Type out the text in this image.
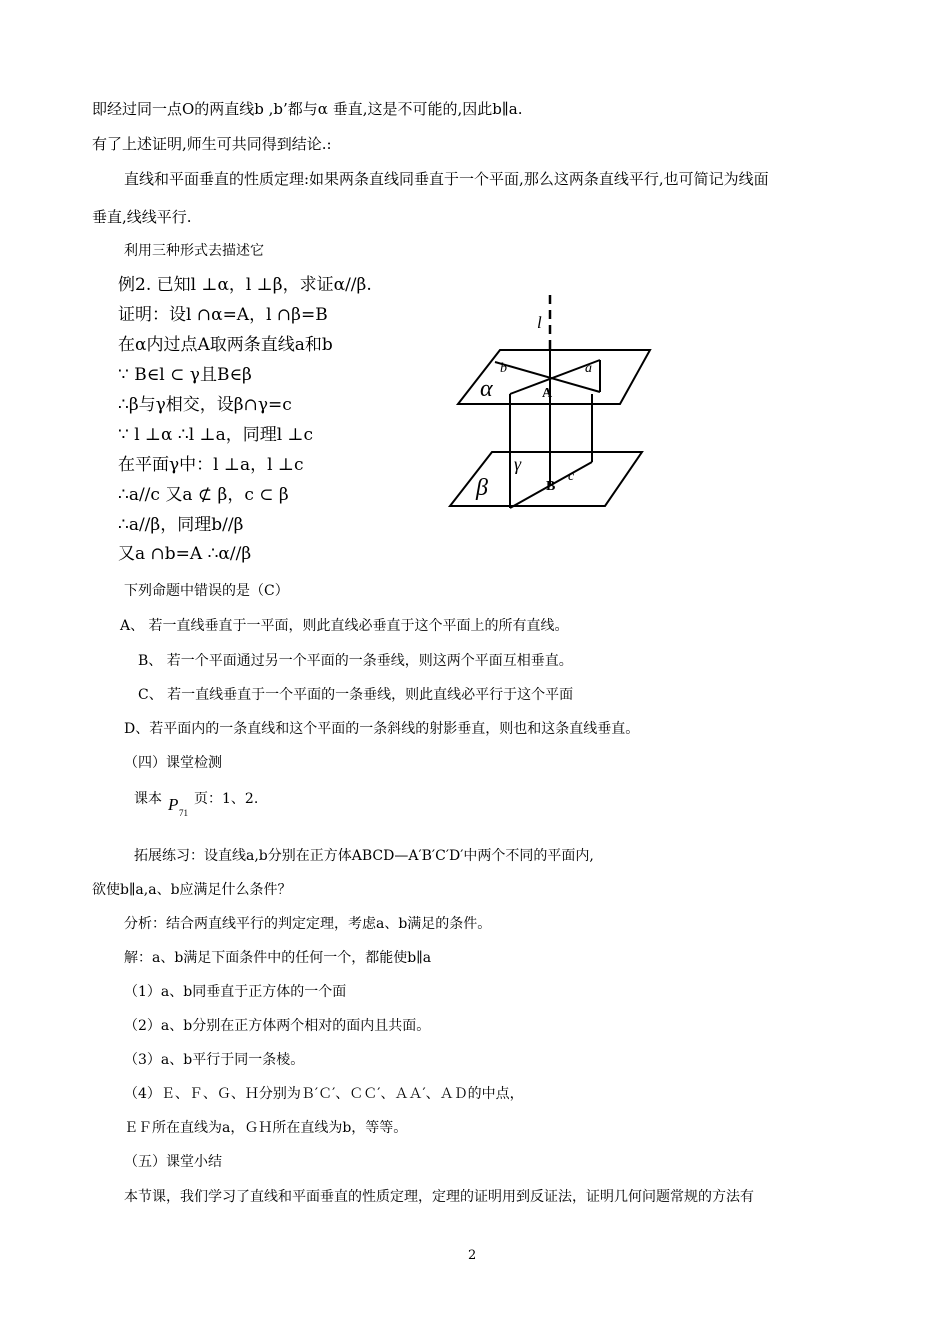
即经过同一点O的两直线b ,b’都与α 垂直,这是不可能的,因此b∥a.
有了上述证明,师生可共同得到结论.:
直线和平面垂直的性质定理:如果两条直线同垂直于一个平面,那么这两条直线平行,也可简记为线面
垂直,线线平行.
利用三种形式去描述它
例2. 已知l ⊥α，l ⊥β，求证α//β.
证明：设l ∩α=A，l ∩β=B
在α内过点A取两条直线a和b
∵ B∈l ⊂ γ且B∈β
∴β与γ相交，设β∩γ=c
∵ l ⊥α ∴l ⊥a，同理l ⊥c
在平面γ中：l ⊥a，l ⊥c
∴a//c 又a ⊄ β，c ⊂ β
∴a//β，同理b//β
又a ∩b=A ∴α//β
l
b	a
α	A
γ
β	B
c
下列命题中错误的是（C）
A、 若一直线垂直于一平面，则此直线必垂直于这个平面上的所有直线。
B、 若一个平面通过另一个平面的一条垂线，则这两个平面互相垂直。
C、 若一直线垂直于一个平面的一条垂线，则此直线必平行于这个平面
D、若平面内的一条直线和这个平面的一条斜线的射影垂直，则也和这条直线垂直。
（四）课堂检测
课本 P 71
页：1、2.
拓展练习：设直线a,b分别在正方体ABCD—A′B′C′D′中两个不同的平面内,
欲使b∥a,a、b应满足什么条件？
分析：结合两直线平行的判定定理，考虑a、b满足的条件。
解：a、b满足下面条件中的任何一个，都能使b∥a
（1）a、b同垂直于正方体的一个面
（2）a、b分别在正方体两个相对的面内且共面。
（3）a、b平行于同一条棱。
（4）Ｅ、Ｆ、Ｇ、Ｈ分别为Ｂ′Ｃ′、ＣＣ′、ＡＡ′、ＡＤ的中点，
ＥＦ所在直线为a，ＧＨ所在直线为b，等等。
（五）课堂小结
本节课，我们学习了直线和平面垂直的性质定理，定理的证明用到反证法，证明几何问题常规的方法有
2
